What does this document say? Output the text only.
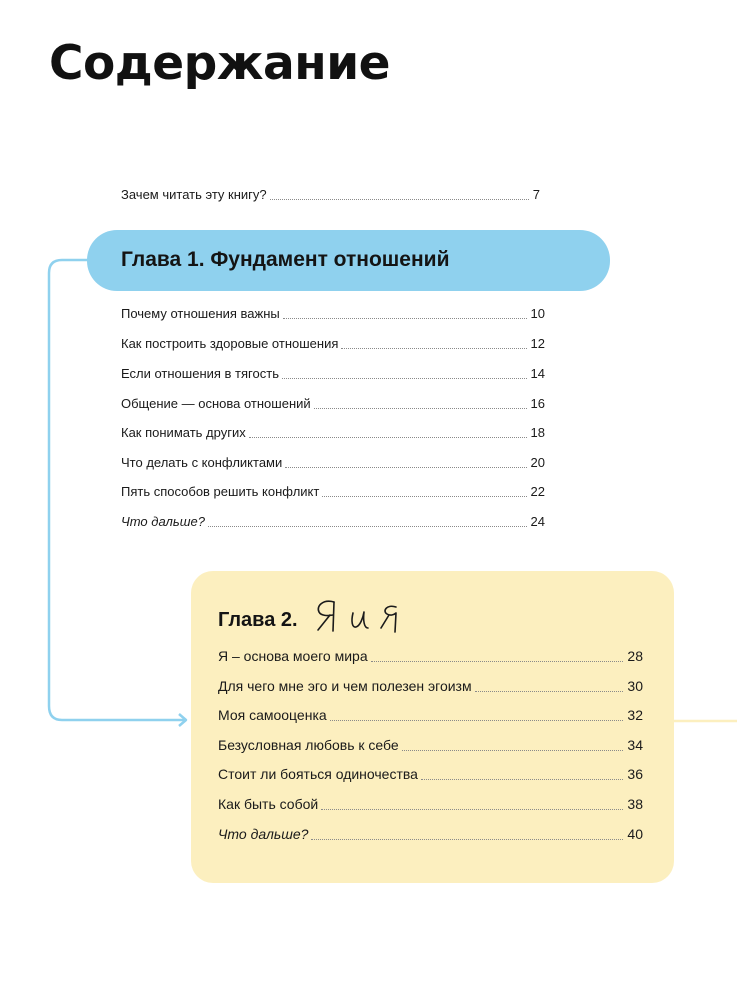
Содержание
Зачем читать эту книгу?	7
Глава 1. Фундамент отношений
Почему отношения важны	10
Как построить здоровые отношения	12
Если отношения в тягость	14
Общение — основа отношений	16
Как понимать других	18
Что делать с конфликтами	20
Пять способов решить конфликт	22
Что дальше?	24
Глава 2.
Я – основа моего мира	28
Для чего мне эго и чем полезен эгоизм	30
Моя самооценка	32
Безусловная любовь к себе	34
Стоит ли бояться одиночества	36
Как быть собой	38
Что дальше?	40
